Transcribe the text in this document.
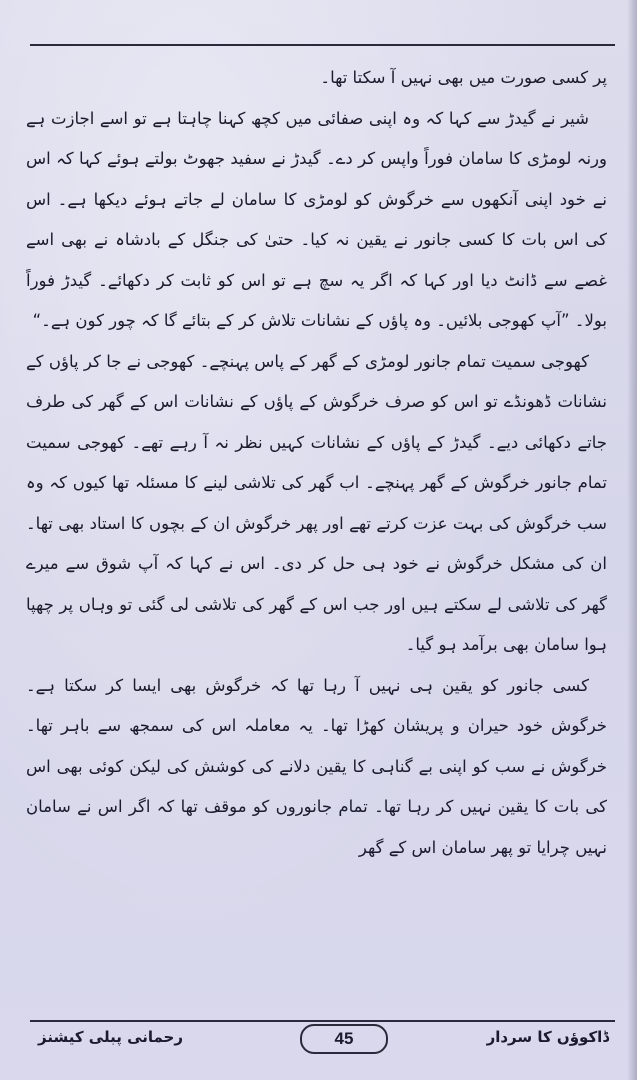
پر کسی صورت میں بھی نہیں آ سکتا تھا۔

شیر نے گیدڑ سے کہا کہ وہ اپنی صفائی میں کچھ کہنا چاہتا ہے تو اسے اجازت ہے ورنہ لومڑی کا سامان فوراً واپس کر دے۔ گیدڑ نے سفید جھوٹ بولتے ہوئے کہا کہ اس نے خود اپنی آنکھوں سے خرگوش کو لومڑی کا سامان لے جاتے ہوئے دیکھا ہے۔ اس کی اس بات کا کسی جانور نے یقین نہ کیا۔ حتیٰ کی جنگل کے بادشاہ نے بھی اسے غصے سے ڈانٹ دیا اور کہا کہ اگر یہ سچ ہے تو اس کو ثابت کر دکھائے۔ گیدڑ فوراً بولا۔ ”آپ کھوجی بلائیں۔ وہ پاؤں کے نشانات تلاش کر کے بتائے گا کہ چور کون ہے۔“

کھوجی سمیت تمام جانور لومڑی کے گھر کے پاس پہنچے۔ کھوجی نے جا کر پاؤں کے نشانات ڈھونڈے تو اس کو صرف خرگوش کے پاؤں کے نشانات اس کے گھر کی طرف جاتے دکھائی دیے۔ گیدڑ کے پاؤں کے نشانات کہیں نظر نہ آ رہے تھے۔ کھوجی سمیت تمام جانور خرگوش کے گھر پہنچے۔ اب گھر کی تلاشی لینے کا مسئلہ تھا کیوں کہ وہ سب خرگوش کی بہت عزت کرتے تھے اور پھر خرگوش ان کے بچوں کا استاد بھی تھا۔ ان کی مشکل خرگوش نے خود ہی حل کر دی۔ اس نے کہا کہ آپ شوق سے میرے گھر کی تلاشی لے سکتے ہیں اور جب اس کے گھر کی تلاشی لی گئی تو وہاں پر چھپا ہوا سامان بھی برآمد ہو گیا۔

کسی جانور کو یقین ہی نہیں آ رہا تھا کہ خرگوش بھی ایسا کر سکتا ہے۔ خرگوش خود حیران و پریشان کھڑا تھا۔ یہ معاملہ اس کی سمجھ سے باہر تھا۔ خرگوش نے سب کو اپنی بے گناہی کا یقین دلانے کی کوشش کی لیکن کوئی بھی اس کی بات کا یقین نہیں کر رہا تھا۔ تمام جانوروں کو موقف تھا کہ اگر اس نے سامان نہیں چرایا تو پھر سامان اس کے گھر

رحمانی پبلی کیشنز	45	ڈاکوؤں کا سردار
